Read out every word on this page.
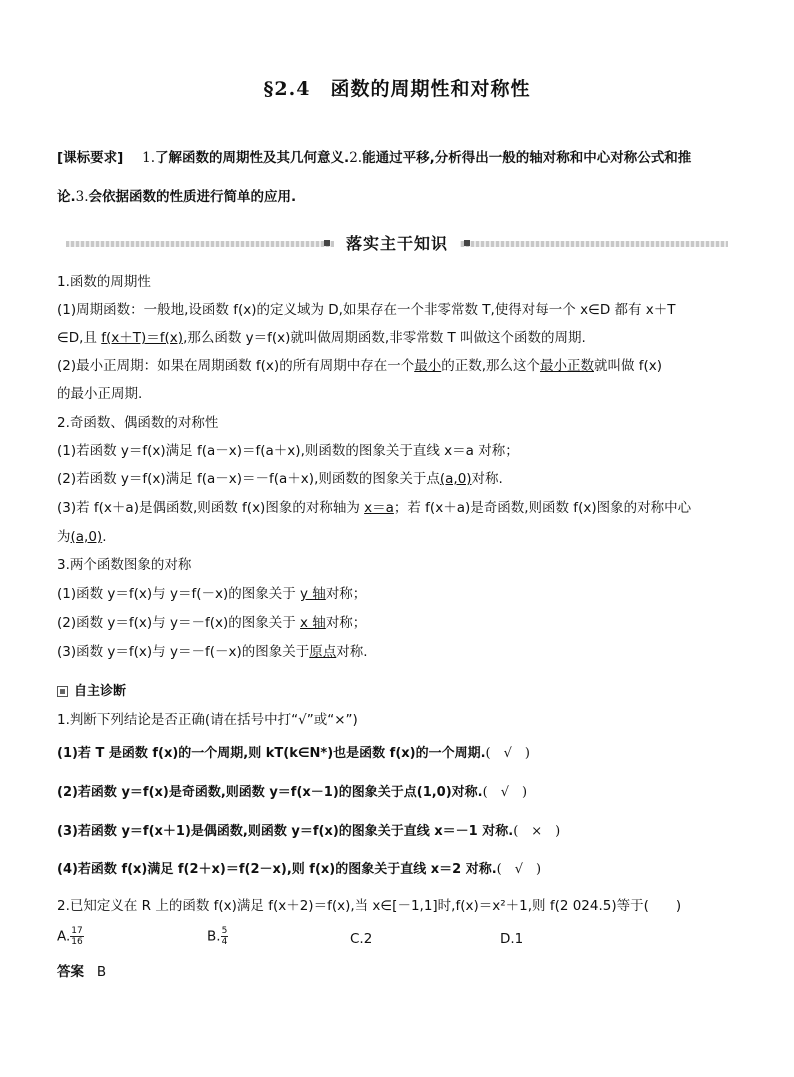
§2.4　函数的周期性和对称性
[课标要求] 1.了解函数的周期性及其几何意义.2.能通过平移,分析得出一般的轴对称和中心对称公式和推
论.3.会依据函数的性质进行简单的应用.
落实主干知识
1.函数的周期性
(1)周期函数：一般地,设函数 f(x)的定义域为 D,如果存在一个非零常数 T,使得对每一个 x∈D 都有 x＋T
∈D,且 f(x＋T)＝f(x),那么函数 y＝f(x)就叫做周期函数,非零常数 T 叫做这个函数的周期.
(2)最小正周期：如果在周期函数 f(x)的所有周期中存在一个最小的正数,那么这个最小正数就叫做 f(x)
的最小正周期.
2.奇函数、偶函数的对称性
(1)若函数 y＝f(x)满足 f(a－x)＝f(a＋x),则函数的图象关于直线 x＝a 对称；
(2)若函数 y＝f(x)满足 f(a－x)＝－f(a＋x),则函数的图象关于点(a,0)对称.
(3)若 f(x＋a)是偶函数,则函数 f(x)图象的对称轴为 x＝a；若 f(x＋a)是奇函数,则函数 f(x)图象的对称中心
为(a,0).
3.两个函数图象的对称
(1)函数 y＝f(x)与 y＝f(－x)的图象关于 y 轴对称；
(2)函数 y＝f(x)与 y＝－f(x)的图象关于 x 轴对称；
(3)函数 y＝f(x)与 y＝－f(－x)的图象关于原点对称.
自主诊断
1.判断下列结论是否正确(请在括号中打“√”或“×”)
(1)若 T 是函数 f(x)的一个周期,则 kT(k∈N*)也是函数 f(x)的一个周期.(　√　)
(2)若函数 y＝f(x)是奇函数,则函数 y＝f(x－1)的图象关于点(1,0)对称.(　√　)
(3)若函数 y＝f(x＋1)是偶函数,则函数 y＝f(x)的图象关于直线 x＝－1 对称.(　×　)
(4)若函数 f(x)满足 f(2＋x)＝f(2－x),则 f(x)的图象关于直线 x＝2 对称.(　√　)
2.已知定义在 R 上的函数 f(x)满足 f(x＋2)＝f(x),当 x∈[－1,1]时,f(x)＝x²＋1,则 f(2 024.5)等于(　　)
A. $\frac{17}{16}$	B. $\frac{5}{4}$	C.2	D.1
答案 B
